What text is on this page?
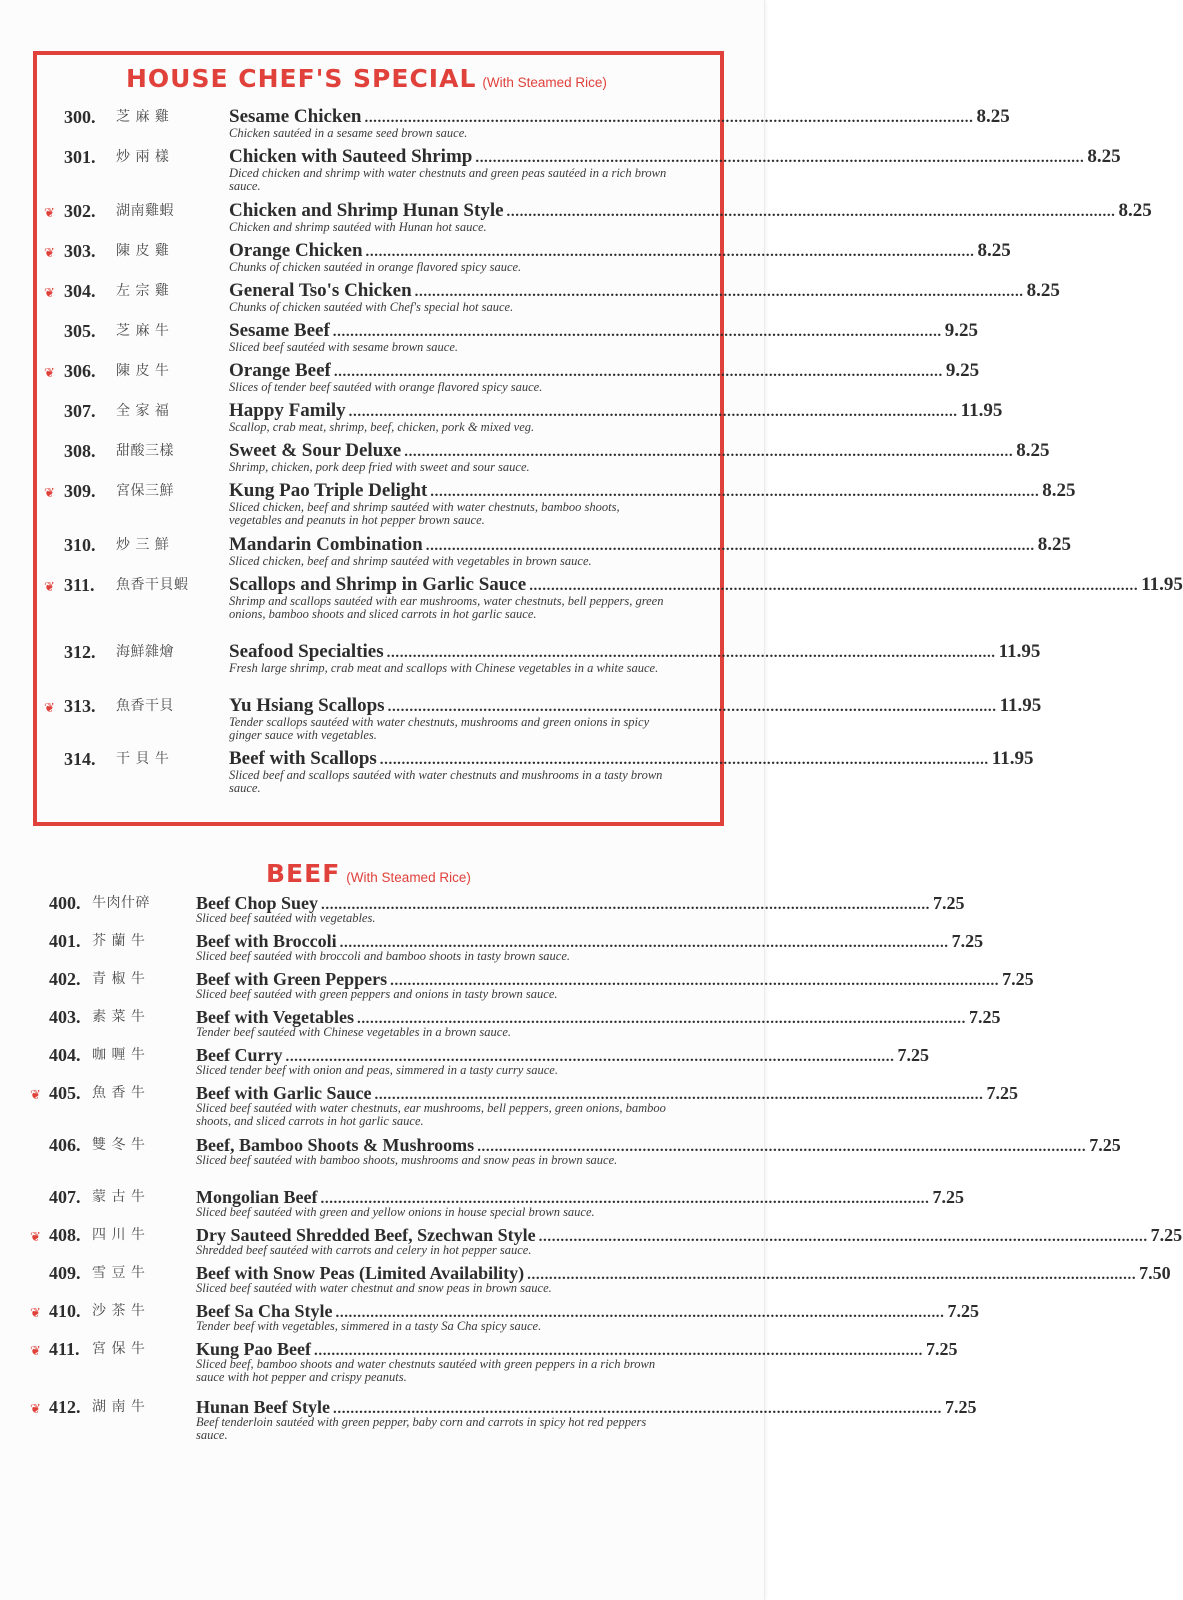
HOUSE CHEF'S SPECIAL (With Steamed Rice)
300. 芝 麻 雞	Sesame Chicken ............................................................................................................................................ 8.25
Chicken sautéed in a sesame seed brown sauce.
301. 炒 兩 樣	Chicken with Sauteed Shrimp ............................................................................................................................................ 8.25
Diced chicken and shrimp with water chestnuts and green peas sautéed in a rich brown sauce.
❦ 302. 湖南雞蝦	Chicken and Shrimp Hunan Style ............................................................................................................................................ 8.25
Chicken and shrimp sautéed with Hunan hot sauce.
❦ 303. 陳 皮 雞	Orange Chicken ............................................................................................................................................ 8.25
Chunks of chicken sautéed in orange flavored spicy sauce.
❦ 304. 左 宗 雞	General Tso's Chicken ............................................................................................................................................ 8.25
Chunks of chicken sautéed with Chef's special hot sauce.
305. 芝 麻 牛	Sesame Beef ............................................................................................................................................ 9.25
Sliced beef sautéed with sesame brown sauce.
❦ 306. 陳 皮 牛	Orange Beef ............................................................................................................................................ 9.25
Slices of tender beef sautéed with orange flavored spicy sauce.
307. 全 家 福	Happy Family ............................................................................................................................................ 11.95
Scallop, crab meat, shrimp, beef, chicken, pork & mixed veg.
308. 甜酸三樣	Sweet & Sour Deluxe ............................................................................................................................................ 8.25
Shrimp, chicken, pork deep fried with sweet and sour sauce.
❦ 309. 宮保三鮮	Kung Pao Triple Delight ............................................................................................................................................ 8.25
Sliced chicken, beef and shrimp sautéed with water chestnuts, bamboo shoots, vegetables and peanuts in hot pepper brown sauce.
310. 炒 三 鮮	Mandarin Combination ............................................................................................................................................ 8.25
Sliced chicken, beef and shrimp sautéed with vegetables in brown sauce.
❦ 311. 魚香干貝蝦	Scallops and Shrimp in Garlic Sauce ............................................................................................................................................ 11.95
Shrimp and scallops sautéed with ear mushrooms, water chestnuts, bell peppers, green onions, bamboo shoots and sliced carrots in hot garlic sauce.
312. 海鮮雜燴	Seafood Specialties ............................................................................................................................................ 11.95
Fresh large shrimp, crab meat and scallops with Chinese vegetables in a white sauce.
❦ 313. 魚香干貝	Yu Hsiang Scallops ............................................................................................................................................ 11.95
Tender scallops sautéed with water chestnuts, mushrooms and green onions in spicy ginger sauce with vegetables.
314. 干 貝 牛	Beef with Scallops ............................................................................................................................................ 11.95
Sliced beef and scallops sautéed with water chestnuts and mushrooms in a tasty brown sauce.
BEEF (With Steamed Rice)
400. 牛肉什碎	Beef Chop Suey ............................................................................................................................................ 7.25
Sliced beef sautéed with vegetables.
401. 芥 蘭 牛	Beef with Broccoli ............................................................................................................................................ 7.25
Sliced beef sautéed with broccoli and bamboo shoots in tasty brown sauce.
402. 青 椒 牛	Beef with Green Peppers ............................................................................................................................................ 7.25
Sliced beef sautéed with green peppers and onions in tasty brown sauce.
403. 素 菜 牛	Beef with Vegetables ............................................................................................................................................ 7.25
Tender beef sautéed with Chinese vegetables in a brown sauce.
404. 咖 喱 牛	Beef Curry ............................................................................................................................................ 7.25
Sliced tender beef with onion and peas, simmered in a tasty curry sauce.
❦ 405. 魚 香 牛	Beef with Garlic Sauce ............................................................................................................................................ 7.25
Sliced beef sautéed with water chestnuts, ear mushrooms, bell peppers, green onions, bamboo shoots, and sliced carrots in hot garlic sauce.
406. 雙 冬 牛	Beef, Bamboo Shoots & Mushrooms ............................................................................................................................................ 7.25
Sliced beef sautéed with bamboo shoots, mushrooms and snow peas in brown sauce.
407. 蒙 古 牛	Mongolian Beef ............................................................................................................................................ 7.25
Sliced beef sautéed with green and yellow onions in house special brown sauce.
❦ 408. 四 川 牛	Dry Sauteed Shredded Beef, Szechwan Style ............................................................................................................................................ 7.25
Shredded beef sautéed with carrots and celery in hot pepper sauce.
409. 雪 豆 牛	Beef with Snow Peas (Limited Availability) ............................................................................................................................................ 7.50
Sliced beef sautéed with water chestnut and snow peas in brown sauce.
❦ 410. 沙 茶 牛	Beef Sa Cha Style ............................................................................................................................................ 7.25
Tender beef with vegetables, simmered in a tasty Sa Cha spicy sauce.
❦ 411. 宮 保 牛	Kung Pao Beef ............................................................................................................................................ 7.25
Sliced beef, bamboo shoots and water chestnuts sautéed with green peppers in a rich brown sauce with hot pepper and crispy peanuts.
❦ 412. 湖 南 牛	Hunan Beef Style ............................................................................................................................................ 7.25
Beef tenderloin sautéed with green pepper, baby corn and carrots in spicy hot red peppers sauce.
